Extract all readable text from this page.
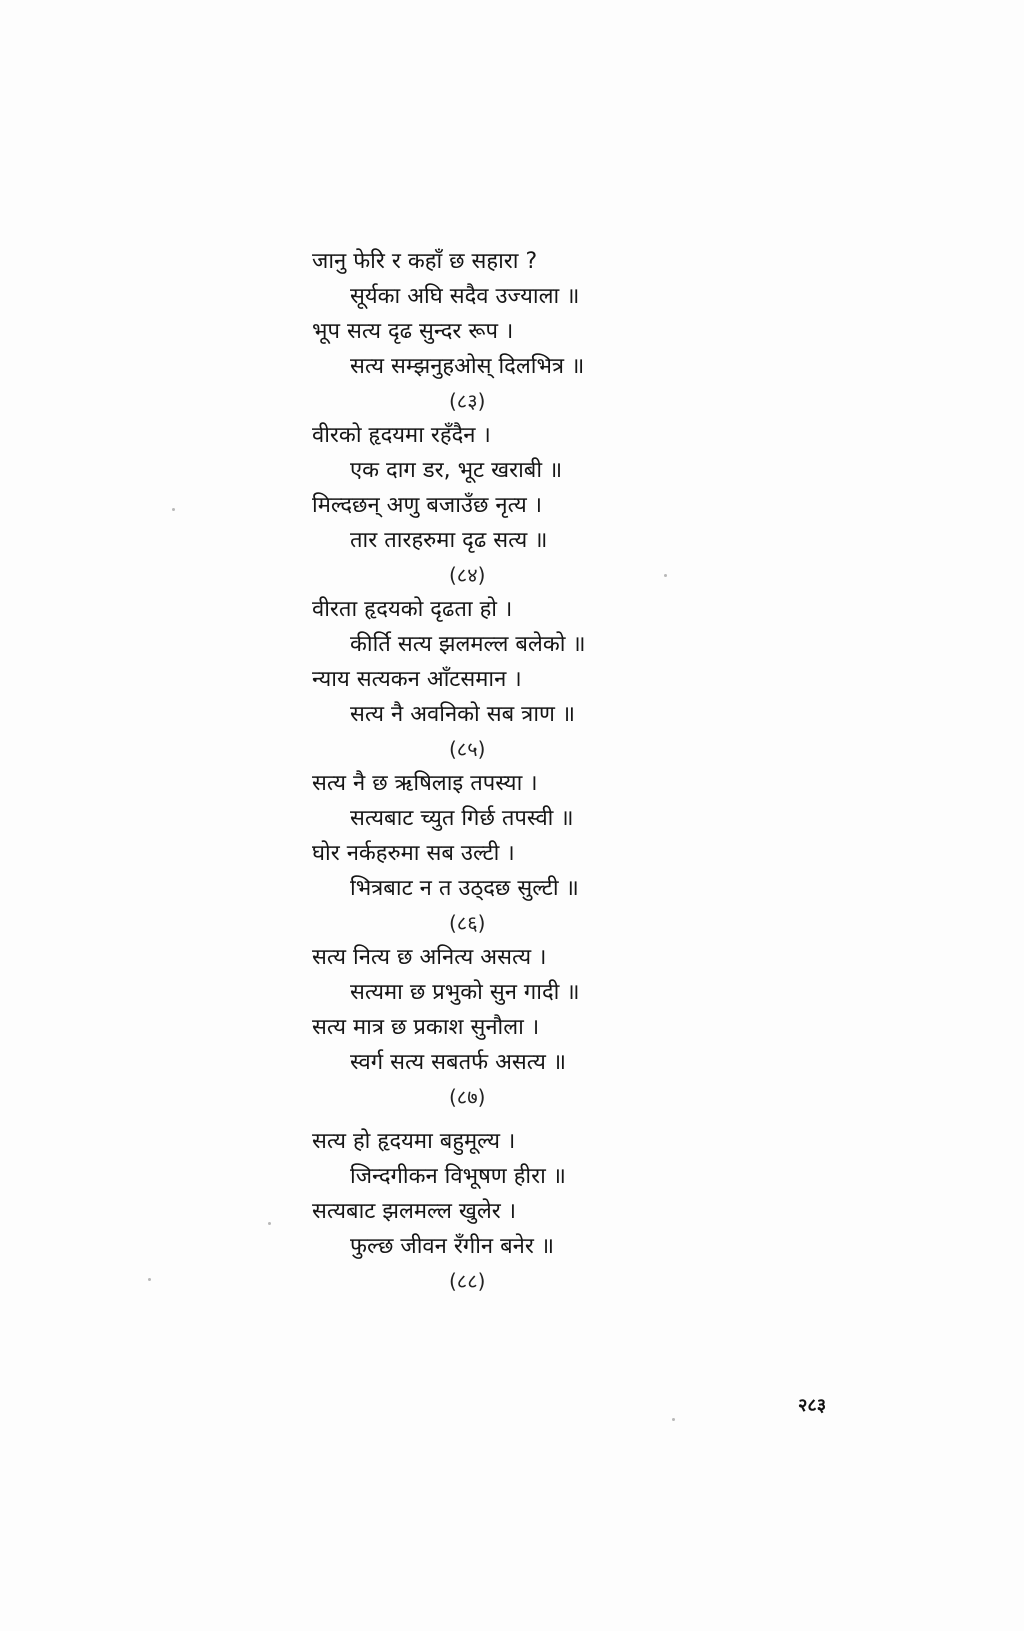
जानु फेरि र कहाँ छ सहारा ?
सूर्यका अघि सदैव उज्याला ॥
भूप सत्य दृढ सुन्दर रूप ।
सत्य सम्झनुहओस् दिलभित्र ॥
(८३)
वीरको हृदयमा रहँदैन ।
एक दाग डर, भूट खराबी ॥
मिल्दछन् अणु बजाउँछ नृत्य ।
तार तारहरुमा दृढ सत्य ॥
(८४)
वीरता हृदयको दृढता हो ।
कीर्ति सत्य झलमल्ल बलेको ॥
न्याय सत्यकन आँटसमान ।
सत्य नै अवनिको सब त्राण ॥
(८५)
सत्य नै छ ऋषिलाइ तपस्या ।
सत्यबाट च्युत गिर्छ तपस्वी ॥
घोर नर्कहरुमा सब उल्टी ।
भित्रबाट न त उठ्दछ सुल्टी ॥
(८६)
सत्य नित्य छ अनित्य असत्य ।
सत्यमा छ प्रभुको सुन गादी ॥
सत्य मात्र छ प्रकाश सुनौला ।
स्वर्ग सत्य सबतर्फ असत्य ॥
(८७)
सत्य हो हृदयमा बहुमूल्य ।
जिन्दगीकन विभूषण हीरा ॥
सत्यबाट झलमल्ल खुलेर ।
फुल्छ जीवन रँगीन बनेर ॥
(८८)
२८३
